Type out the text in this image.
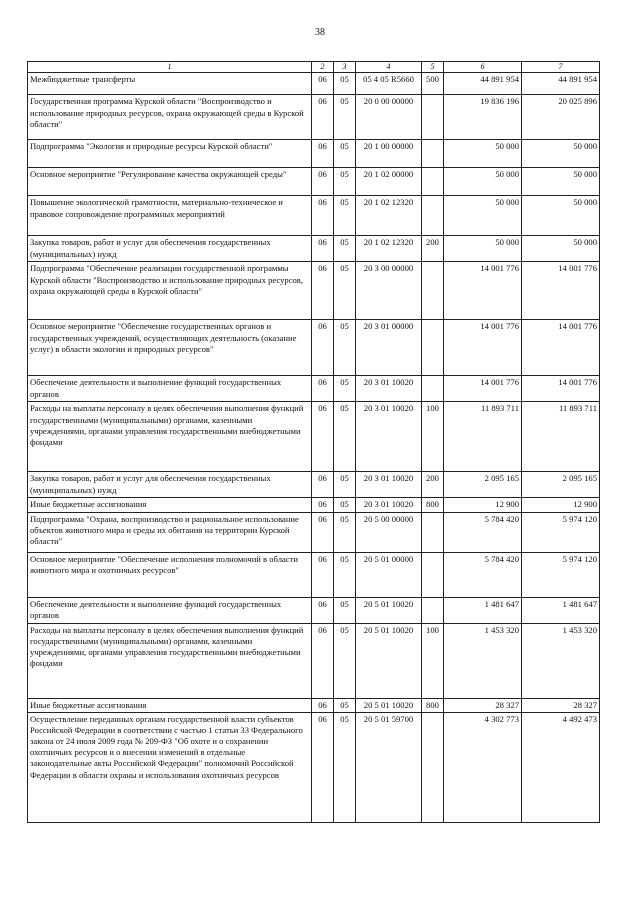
38
1	2	3	4	5	6	7
Межбюджетные трансферты	06	05	05 4 05 R5660	500	44 891 954	44 891 954
Государственная программа Курской области "Воспроизводство и использование природных ресурсов, охрана окружающей среды в Курской области"	06	05	20 0 00 00000		19 836 196	20 025 896
Подпрограмма "Экология и природные ресурсы Курской области"	06	05	20 1 00 00000		50 000	50 000
Основное мероприятие "Регулирование качества окружающей среды"	06	05	20 1 02 00000		50 000	50 000
Повышение экологической грамотности, материально-техническое и правовое сопровождение программных мероприятий	06	05	20 1 02 12320		50 000	50 000
Закупка товаров, работ и услуг для обеспечения государственных (муниципальных) нужд	06	05	20 1 02 12320	200	50 000	50 000
Подпрограмма "Обеспечение реализации государственной программы Курской области "Воспроизводство и использование природных ресурсов, охрана окружающей среды в Курской области"	06	05	20 3 00 00000		14 001 776	14 001 776
Основное мероприятие "Обеспечение государственных органов и государственных учреждений, осуществляющих деятельность (оказание услуг) в области экологии и природных ресурсов"	06	05	20 3 01 00000		14 001 776	14 001 776
Обеспечение деятельности и выполнение функций государственных органов	06	05	20 3 01 10020		14 001 776	14 001 776
Расходы на выплаты персоналу в целях обеспечения выполнения функций государственными (муниципальными) органами, казенными учреждениями, органами управления государственными внебюджетными фондами	06	05	20 3 01 10020	100	11 893 711	11 893 711
Закупка товаров, работ и услуг для обеспечения государственных (муниципальных) нужд	06	05	20 3 01 10020	200	2 095 165	2 095 165
Иные бюджетные ассигнования	06	05	20 3 01 10020	800	12 900	12 900
Подпрограмма "Охрана, воспроизводство и рациональное использование объектов животного мира и среды их обитания на территории Курской области"	06	05	20 5 00 00000		5 784 420	5 974 120
Основное мероприятие "Обеспечение исполнения полномочий в области животного мира и охотничьих ресурсов"	06	05	20 5 01 00000		5 784 420	5 974 120
Обеспечение деятельности и выполнение функций государственных органов	06	05	20 5 01 10020		1 481 647	1 481 647
Расходы на выплаты персоналу в целях обеспечения выполнения функций государственными (муниципальными) органами, казенными учреждениями, органами управления государственными внебюджетными фондами	06	05	20 5 01 10020	100	1 453 320	1 453 320
Иные бюджетные ассигнования	06	05	20 5 01 10020	800	28 327	28 327
Осуществление переданных органам государственной власти субъектов Российской Федерации в соответствии с частью 1 статьи 33 Федерального закона от 24 июля 2009 года № 209-ФЗ "Об охоте и о сохранении охотничьих ресурсов и о внесении изменений в отдельные законодательные акты Российской Федерации" полномочий Российской Федерации в области охраны и использования охотничьих ресурсов	06	05	20 5 01 59700		4 302 773	4 492 473
